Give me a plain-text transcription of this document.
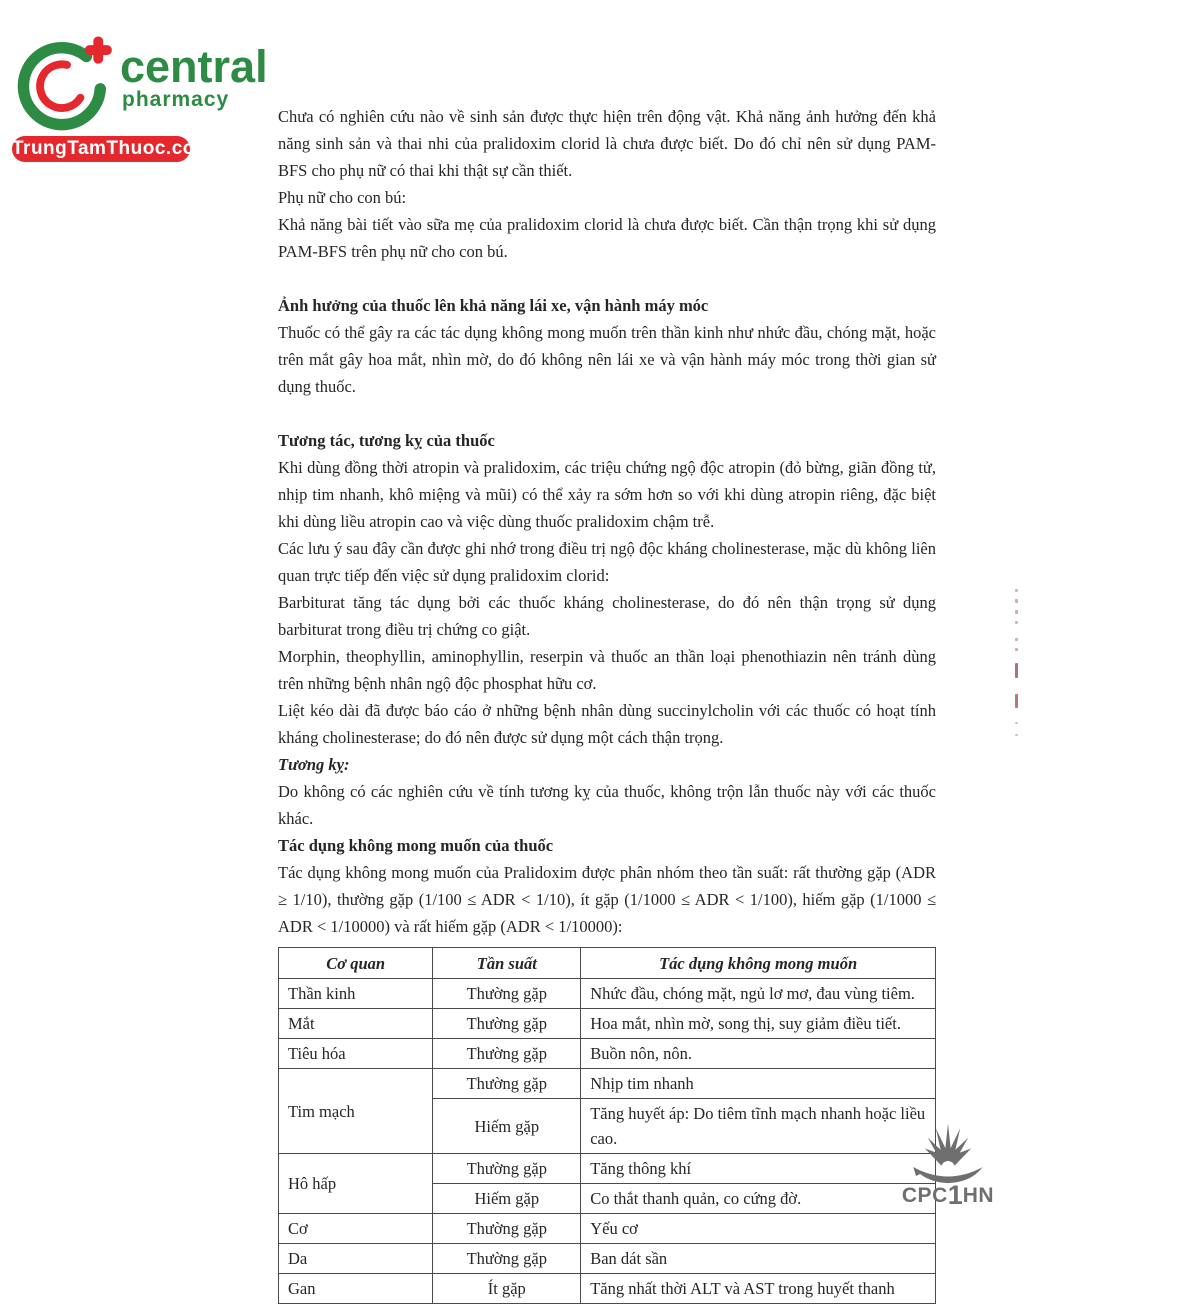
central
pharmacy
TrungTamThuoc.com

Chưa có nghiên cứu nào về sinh sản được thực hiện trên động vật. Khả năng ảnh hưởng đến khả năng sinh sản và thai nhi của pralidoxim clorid là chưa được biết. Do đó chỉ nên sử dụng PAM-BFS cho phụ nữ có thai khi thật sự cần thiết.

Phụ nữ cho con bú:

Khả năng bài tiết vào sữa mẹ của pralidoxim clorid là chưa được biết. Cần thận trọng khi sử dụng PAM-BFS trên phụ nữ cho con bú.

Ảnh hưởng của thuốc lên khả năng lái xe, vận hành máy móc

Thuốc có thể gây ra các tác dụng không mong muốn trên thần kinh như nhức đầu, chóng mặt, hoặc trên mắt gây hoa mắt, nhìn mờ, do đó không nên lái xe và vận hành máy móc trong thời gian sử dụng thuốc.

Tương tác, tương kỵ của thuốc

Khi dùng đồng thời atropin và pralidoxim, các triệu chứng ngộ độc atropin (đỏ bừng, giãn đồng tử, nhịp tim nhanh, khô miệng và mũi) có thể xảy ra sớm hơn so với khi dùng atropin riêng, đặc biệt khi dùng liều atropin cao và việc dùng thuốc pralidoxim chậm trễ.

Các lưu ý sau đây cần được ghi nhớ trong điều trị ngộ độc kháng cholinesterase, mặc dù không liên quan trực tiếp đến việc sử dụng pralidoxim clorid:

Barbiturat tăng tác dụng bởi các thuốc kháng cholinesterase, do đó nên thận trọng sử dụng barbiturat trong điều trị chứng co giật.

Morphin, theophyllin, aminophyllin, reserpin và thuốc an thần loại phenothiazin nên tránh dùng trên những bệnh nhân ngộ độc phosphat hữu cơ.

Liệt kéo dài đã được báo cáo ở những bệnh nhân dùng succinylcholin với các thuốc có hoạt tính kháng cholinesterase; do đó nên được sử dụng một cách thận trọng.

Tương kỵ:

Do không có các nghiên cứu về tính tương kỵ của thuốc, không trộn lẫn thuốc này với các thuốc khác.

Tác dụng không mong muốn của thuốc

Tác dụng không mong muốn của Pralidoxim được phân nhóm theo tần suất: rất thường gặp (ADR ≥ 1/10), thường gặp (1/100 ≤ ADR < 1/10), ít gặp (1/1000 ≤ ADR < 1/100), hiếm gặp (1/1000 ≤ ADR < 1/10000) và rất hiếm gặp (ADR < 1/10000):

Cơ quan	Tần suất	Tác dụng không mong muốn
Thần kinh	Thường gặp	Nhức đầu, chóng mặt, ngủ lơ mơ, đau vùng tiêm.
Mắt	Thường gặp	Hoa mắt, nhìn mờ, song thị, suy giảm điều tiết.
Tiêu hóa	Thường gặp	Buồn nôn, nôn.
Tim mạch	Thường gặp	Nhịp tim nhanh
	Hiếm gặp	Tăng huyết áp: Do tiêm tĩnh mạch nhanh hoặc liều cao.
Hô hấp	Thường gặp	Tăng thông khí
	Hiếm gặp	Co thắt thanh quản, co cứng đờ.
Cơ	Thường gặp	Yếu cơ
Da	Thường gặp	Ban dát sần
Gan	Ít gặp	Tăng nhất thời ALT và AST trong huyết thanh
CPC1HN
